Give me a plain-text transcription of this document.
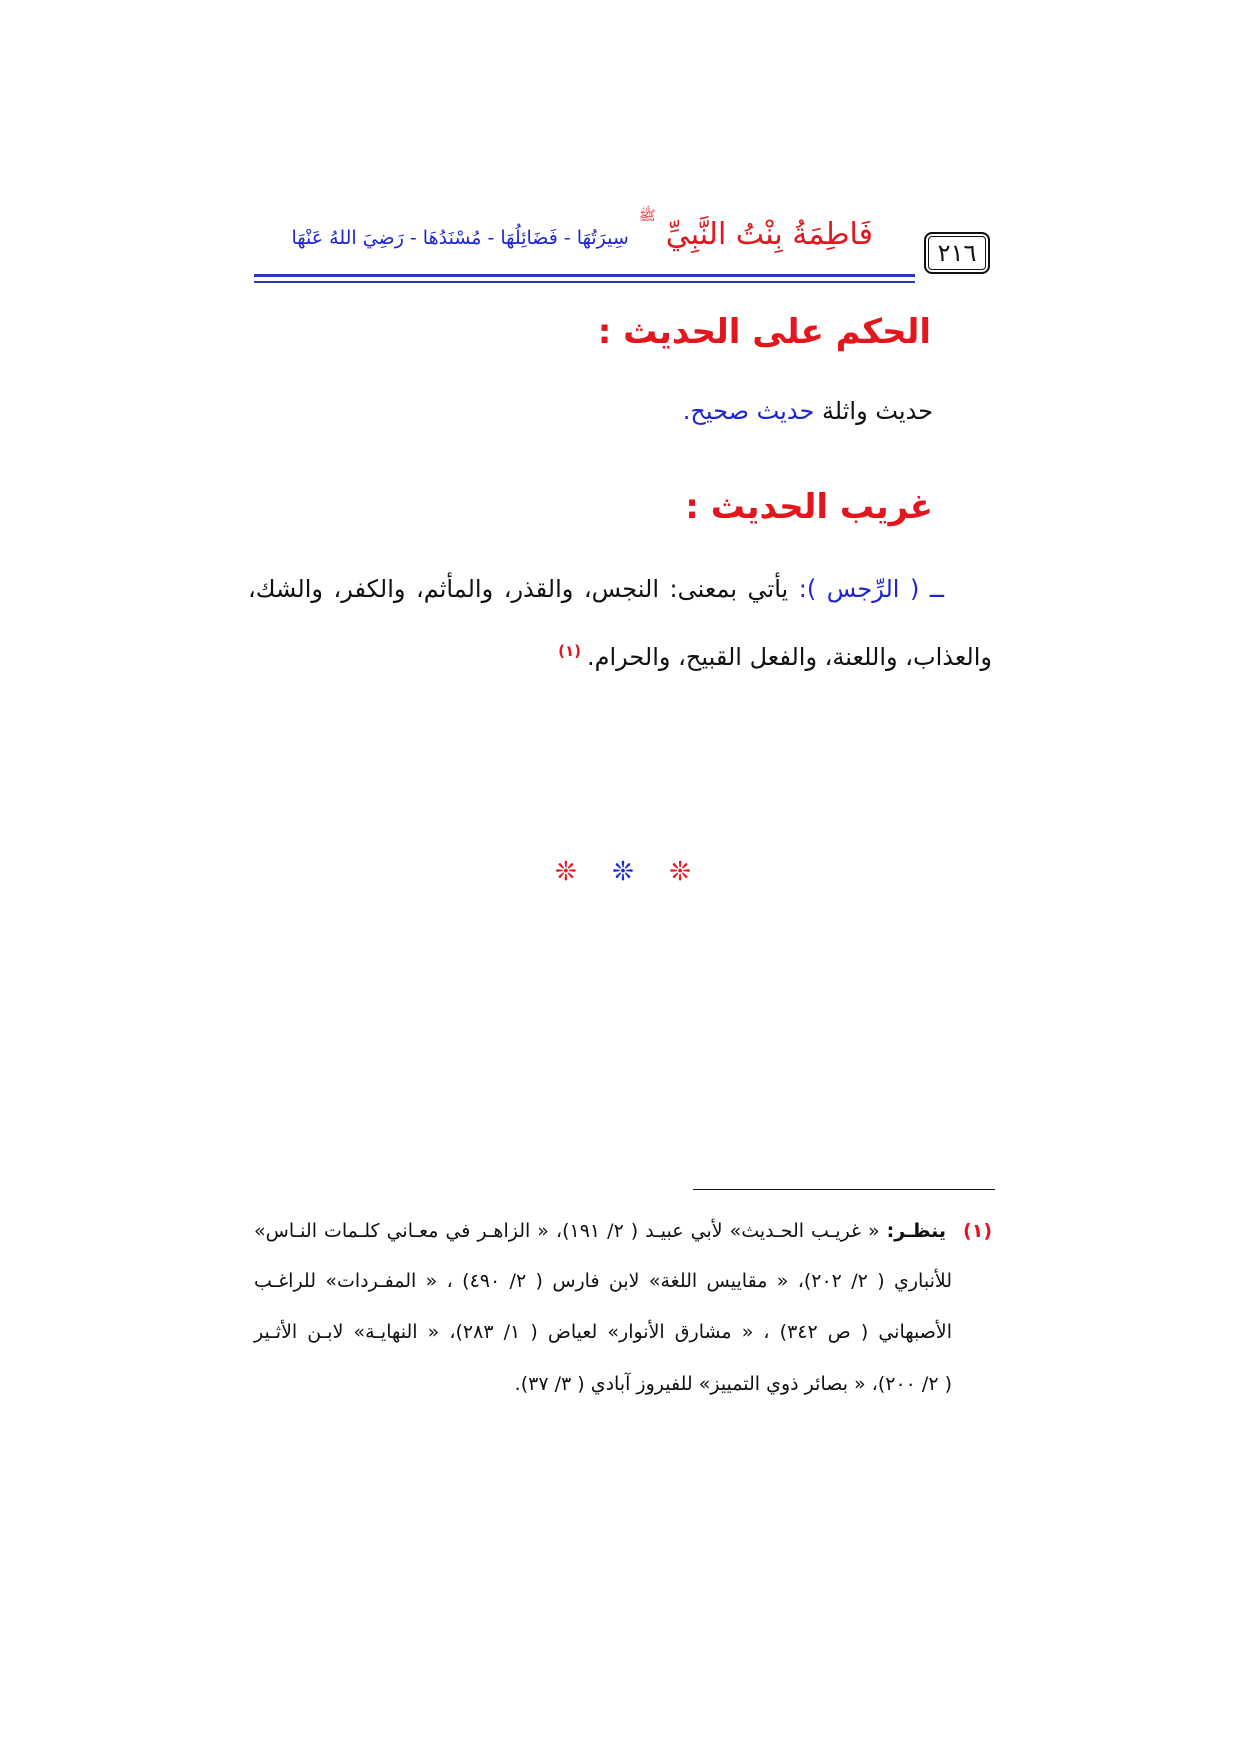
٢١٦
فَاطِمَةُ بِنْتُ النَّبِيِّ
ﷺ
سِيرَتُهَا - فَضَائِلُهَا - مُسْنَدُهَا - رَضِيَ اللهُ عَنْهَا
الحكم على الحديث :

حديث واثلة حديث صحيح.

غريب الحديث :
ــ ( الرِّجس ): يأتي بمعنى: النجس، والقذر، والمأثم، والكفر، والشك،
والعذاب، واللعنة، والفعل القبيح، والحرام.$^{(١)}$
❊ ❊ ❊
(١) ينظـر: « غريـب الحـديث» لأبي عبيـد ( ٢/ ١٩١)، « الزاهـر في معـاني كلـمات النـاس»
للأنباري ( ٢/ ٢٠٢)، « مقاييس اللغة» لابن فارس ( ٢/ ٤٩٠) ، « المفـردات» للراغـب
الأصبهاني ( ص ٣٤٢) ، « مشارق الأنوار» لعياض ( ١/ ٢٨٣)، « النهايـة» لابـن الأثـير
( ٢/ ٢٠٠)، « بصائر ذوي التمييز» للفيروز آبادي ( ٣/ ٣٧).
